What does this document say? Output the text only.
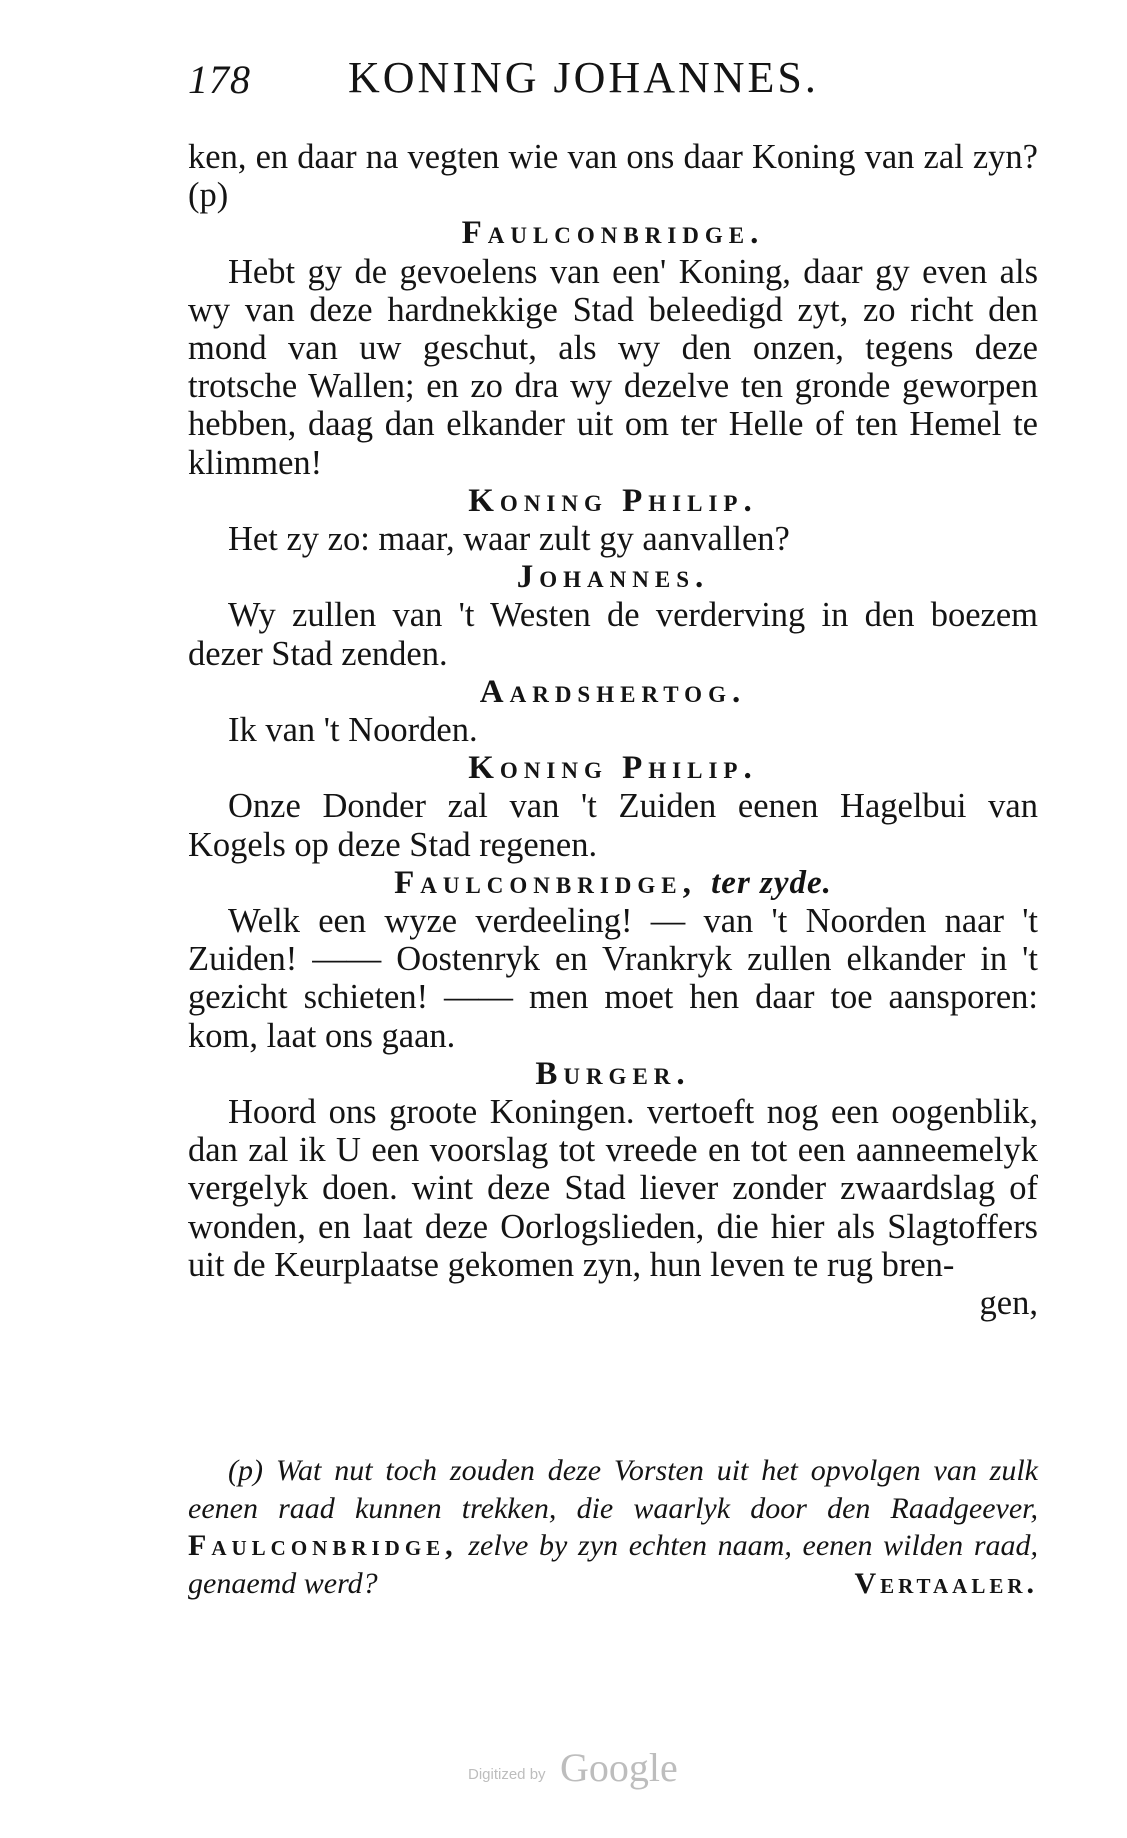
178 KONING JOHANNES.

ken, en daar na vegten wie van ons daar Koning van zal zyn? (p)

Faulconbridge.

Hebt gy de gevoelens van een' Koning, daar gy even als wy van deze hardnekkige Stad beleedigd zyt, zo richt den mond van uw geschut, als wy den onzen, tegens deze trotsche Wallen; en zo dra wy dezelve ten gronde geworpen hebben, daag dan elkander uit om ter Helle of ten Hemel te klimmen!

Koning Philip.

Het zy zo: maar, waar zult gy aanvallen?

Johannes.

Wy zullen van 't Westen de verderving in den boezem dezer Stad zenden.

Aardshertog.

Ik van 't Noorden.

Koning Philip.

Onze Donder zal van 't Zuiden eenen Hagelbui van Kogels op deze Stad regenen.

Faulconbridge, ter zyde.

Welk een wyze verdeeling! — van 't Noorden naar 't Zuiden! —— Oostenryk en Vrankryk zullen elkander in 't gezicht schieten! —— men moet hen daar toe aansporen: kom, laat ons gaan.

Burger.

Hoord ons groote Koningen. vertoeft nog een oogenblik, dan zal ik U een voorslag tot vreede en tot een aanneemelyk vergelyk doen. wint deze Stad liever zonder zwaardslag of wonden, en laat deze Oorlogslieden, die hier als Slagtoffers uit de Keurplaatse gekomen zyn, hun leven te rug bren-

gen,

(p) Wat nut toch zouden deze Vorsten uit het opvolgen van zulk eenen raad kunnen trekken, die waarlyk door den Raadgeever, Faulconbridge, zelve by zyn echten naam, eenen wilden raad, genaemd werd?	Vertaaler.
Digitized by Google
